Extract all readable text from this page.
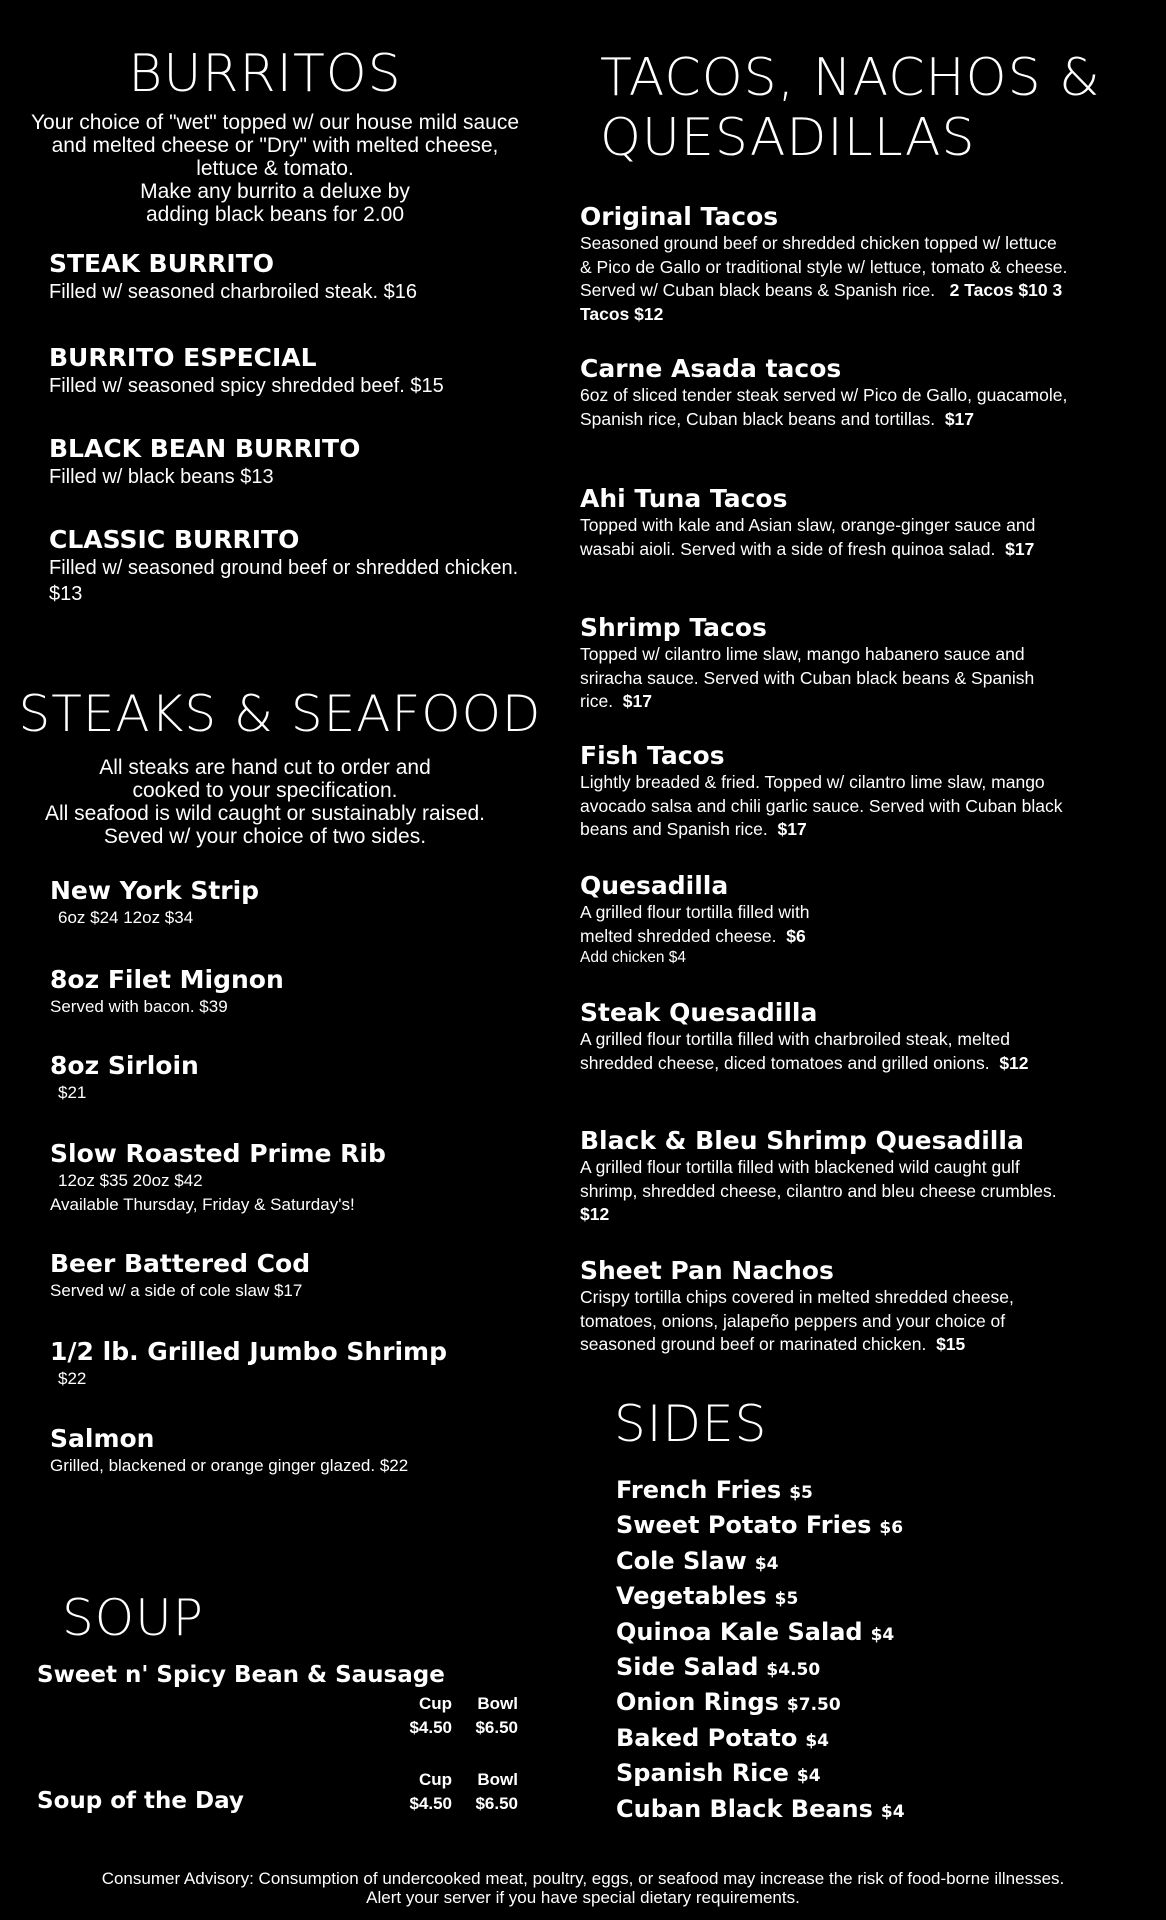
BURRITOS
Your choice of "wet" topped w/ our house mild sauce
and melted cheese or "Dry" with melted cheese,
lettuce & tomato.
Make any burrito a deluxe by
adding black beans for 2.00
STEAK BURRITO
Filled w/ seasoned charbroiled steak. $16
BURRITO ESPECIAL
Filled w/ seasoned spicy shredded beef. $15
BLACK BEAN BURRITO
Filled w/ black beans $13
CLASSIC BURRITO
Filled w/ seasoned ground beef or shredded chicken. $13
STEAKS & SEAFOOD
All steaks are hand cut to order and
cooked to your specification.
All seafood is wild caught or sustainably raised.
Seved w/ your choice of two sides.
New York Strip
6oz $24 12oz $34
8oz Filet Mignon
Served with bacon. $39
8oz Sirloin
$21
Slow Roasted Prime Rib
12oz $35 20oz $42
Available Thursday, Friday & Saturday's!
Beer Battered Cod
Served w/ a side of cole slaw $17
1/2 lb. Grilled Jumbo Shrimp
$22
Salmon
Grilled, blackened or orange ginger glazed. $22
SOUP
Sweet n' Spicy Bean & Sausage
Cup Bowl
$4.50 $6.50
Cup Bowl
$4.50 $6.50
Soup of the Day
TACOS, NACHOS &
QUESADILLAS
Original Tacos
Seasoned ground beef or shredded chicken topped w/ lettuce & Pico de Gallo or traditional style w/ lettuce, tomato & cheese. Served w/ Cuban black beans & Spanish rice. 2 Tacos $10 3 Tacos $12
Carne Asada tacos
6oz of sliced tender steak served w/ Pico de Gallo, guacamole, Spanish rice, Cuban black beans and tortillas. $17
Ahi Tuna Tacos
Topped with kale and Asian slaw, orange-ginger sauce and wasabi aioli. Served with a side of fresh quinoa salad. $17
Shrimp Tacos
Topped w/ cilantro lime slaw, mango habanero sauce and sriracha sauce. Served with Cuban black beans & Spanish rice. $17
Fish Tacos
Lightly breaded & fried. Topped w/ cilantro lime slaw, mango avocado salsa and chili garlic sauce. Served with Cuban black beans and Spanish rice. $17
Quesadilla
A grilled flour tortilla filled with melted shredded cheese. $6
Add chicken $4
Steak Quesadilla
A grilled flour tortilla filled with charbroiled steak, melted shredded cheese, diced tomatoes and grilled onions. $12
Black & Bleu Shrimp Quesadilla
A grilled flour tortilla filled with blackened wild caught gulf shrimp, shredded cheese, cilantro and bleu cheese crumbles.  $12
Sheet Pan Nachos
Crispy tortilla chips covered in melted shredded cheese, tomatoes, onions, jalapeño peppers and your choice of seasoned ground beef or marinated chicken. $15
SIDES
French Fries $5
Sweet Potato Fries $6
Cole Slaw $4
Vegetables $5
Quinoa Kale Salad $4
Side Salad $4.50
Onion Rings $7.50
Baked Potato $4
Spanish Rice $4
Cuban Black Beans $4
Consumer Advisory: Consumption of undercooked meat, poultry, eggs, or seafood may increase the risk of food-borne illnesses.
Alert your server if you have special dietary requirements.
